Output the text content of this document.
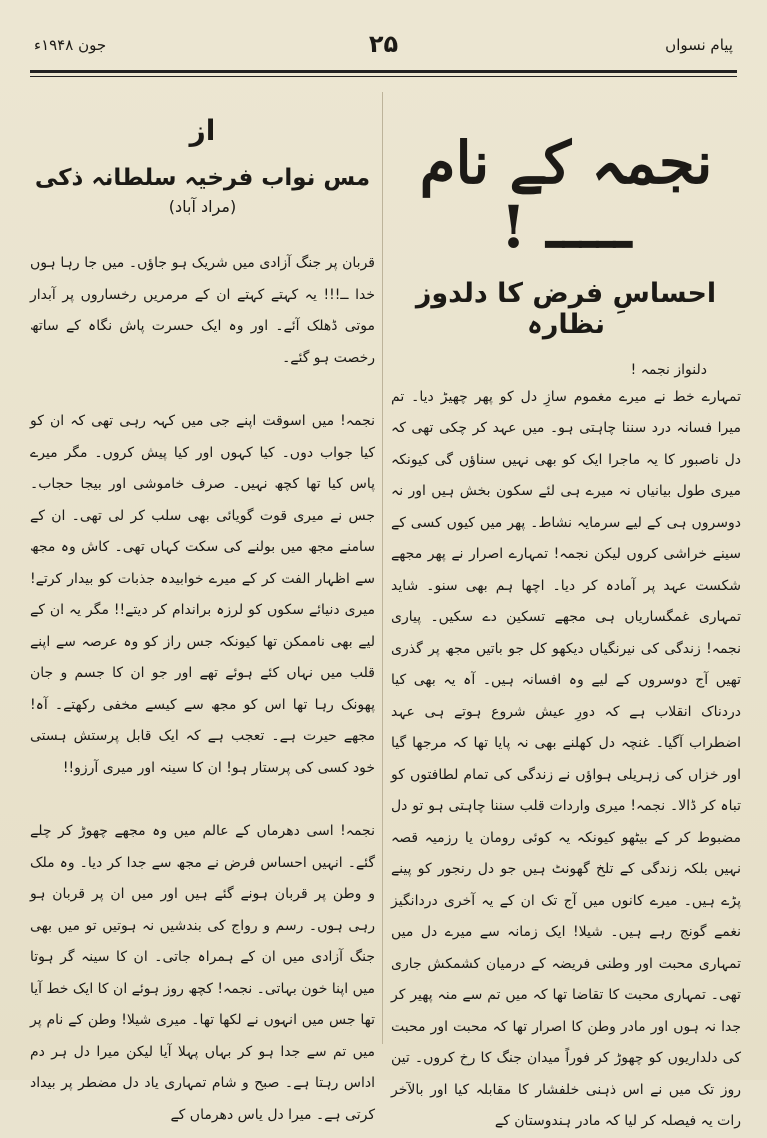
پیام نسواں
۲۵
جون ۱۹۴۸ء
نجمہ کے نام ـــــ !
احساسِ فرض کا دلدوز نظارہ
دلنواز نجمہ !

تمہارے خط نے میرے مغموم سازِ دل کو پھر چھیڑ دیا۔ تم میرا فسانہ درد سننا چاہتی ہو۔ میں عہد کر چکی تھی کہ دل ناصبور کا یہ ماجرا ایک کو بھی نہیں سناؤں گی کیونکہ میری طول بیانیاں نہ میرے ہی لئے سکون بخش ہیں اور نہ دوسروں ہی کے لیے سرمایہ نشاط۔ پھر میں کیوں کسی کے سینے خراشی کروں لیکن نجمہ! تمہارے اصرار نے پھر مجھے شکست عہد پر آمادہ کر دیا۔ اچھا ہم بھی سنو۔ شاید تمہاری غمگساریاں ہی مجھے تسکین دے سکیں۔ پیاری نجمہ! زندگی کی نیرنگیاں دیکھو کل جو باتیں مجھ پر گذری تھیں آج دوسروں کے لیے وہ افسانہ ہیں۔ آہ یہ بھی کیا دردناک انقلاب ہے کہ دورِ عیش شروع ہوتے ہی عہد اضطراب آگیا۔ غنچہ دل کھلنے بھی نہ پایا تھا کہ مرجھا گیا اور خزاں کی زہریلی ہواؤں نے زندگی کی تمام لطافتوں کو تباہ کر ڈالا۔ نجمہ! میری واردات قلب سننا چاہتی ہو تو دل مضبوط کر کے بیٹھو کیونکہ یہ کوئی رومان یا رزمیہ قصہ نہیں بلکہ زندگی کے تلخ گھونٹ ہیں جو دل رنجور کو پینے پڑے ہیں۔ میرے کانوں میں آج تک ان کے یہ آخری دردانگیز نغمے گونج رہے ہیں۔ شیلا! ایک زمانہ سے میرے دل میں تمہاری محبت اور وطنی فریضہ کے درمیان کشمکش جاری تھی۔ تمہاری محبت کا تقاضا تھا کہ میں تم سے منہ پھیر کر جدا نہ ہوں اور مادر وطن کا اصرار تھا کہ محبت اور محبت کی دلداریوں کو چھوڑ کر فوراً میدان جنگ کا رخ کروں۔ تین روز تک میں نے اس ذہنی خلفشار کا مقابلہ کیا اور بالآخر رات یہ فیصلہ کر لیا کہ مادر ہندوستان کے

از
مس نواب فرخیہ سلطانہ ذکی
(مراد آباد)

قربان پر جنگ آزادی میں شریک ہو جاؤں۔ میں جا رہا ہوں خدا ــ!!! یہ کہتے کہتے ان کے مرمریں رخساروں پر آبدار موتی ڈھلک آئے۔ اور وہ ایک حسرت پاش نگاہ کے ساتھ رخصت ہو گئے۔

نجمہ! میں اسوقت اپنے جی میں کہہ رہی تھی کہ ان کو کیا جواب دوں۔ کیا کہوں اور کیا پیش کروں۔ مگر میرے پاس کیا تھا کچھ نہیں۔ صرف خاموشی اور بیجا حجاب۔ جس نے میری قوت گویائی بھی سلب کر لی تھی۔ ان کے سامنے مجھ میں بولنے کی سکت کہاں تھی۔ کاش وہ مجھ سے اظہار الفت کر کے میرے خوابیدہ جذبات کو بیدار کرتے! میری دنیائے سکوں کو لرزہ براندام کر دیتے!! مگر یہ ان کے لیے بھی ناممکن تھا کیونکہ جس راز کو وہ عرصہ سے اپنے قلب میں نہاں کئے ہوئے تھے اور جو ان کا جسم و جان پھونک رہا تھا اس کو مجھ سے کیسے مخفی رکھتے۔ آہ! مجھے حیرت ہے۔ تعجب ہے کہ ایک قابل پرستش ہستی خود کسی کی پرستار ہو! ان کا سینہ اور میری آرزو!!

نجمہ! اسی دھرماں کے عالم میں وہ مجھے چھوڑ کر چلے گئے۔ انہیں احساس فرض نے مجھ سے جدا کر دیا۔ وہ ملک و وطن پر قربان ہونے گئے ہیں اور میں ان پر قربان ہو رہی ہوں۔ رسم و رواج کی بندشیں نہ ہوتیں تو میں بھی جنگ آزادی میں ان کے ہمراہ جاتی۔ ان کا سینہ گر ہوتا میں اپنا خون بہاتی۔ نجمہ! کچھ روز ہوئے ان کا ایک خط آیا تھا جس میں انہوں نے لکھا تھا۔ میری شیلا! وطن کے نام پر میں تم سے جدا ہو کر بہاں پہلا آیا لیکن میرا دل ہر دم اداس رہتا ہے۔ صبح و شام تمہاری یاد دل مضطر پر بیداد کرتی ہے۔ میرا دل یاس دھرماں کے
